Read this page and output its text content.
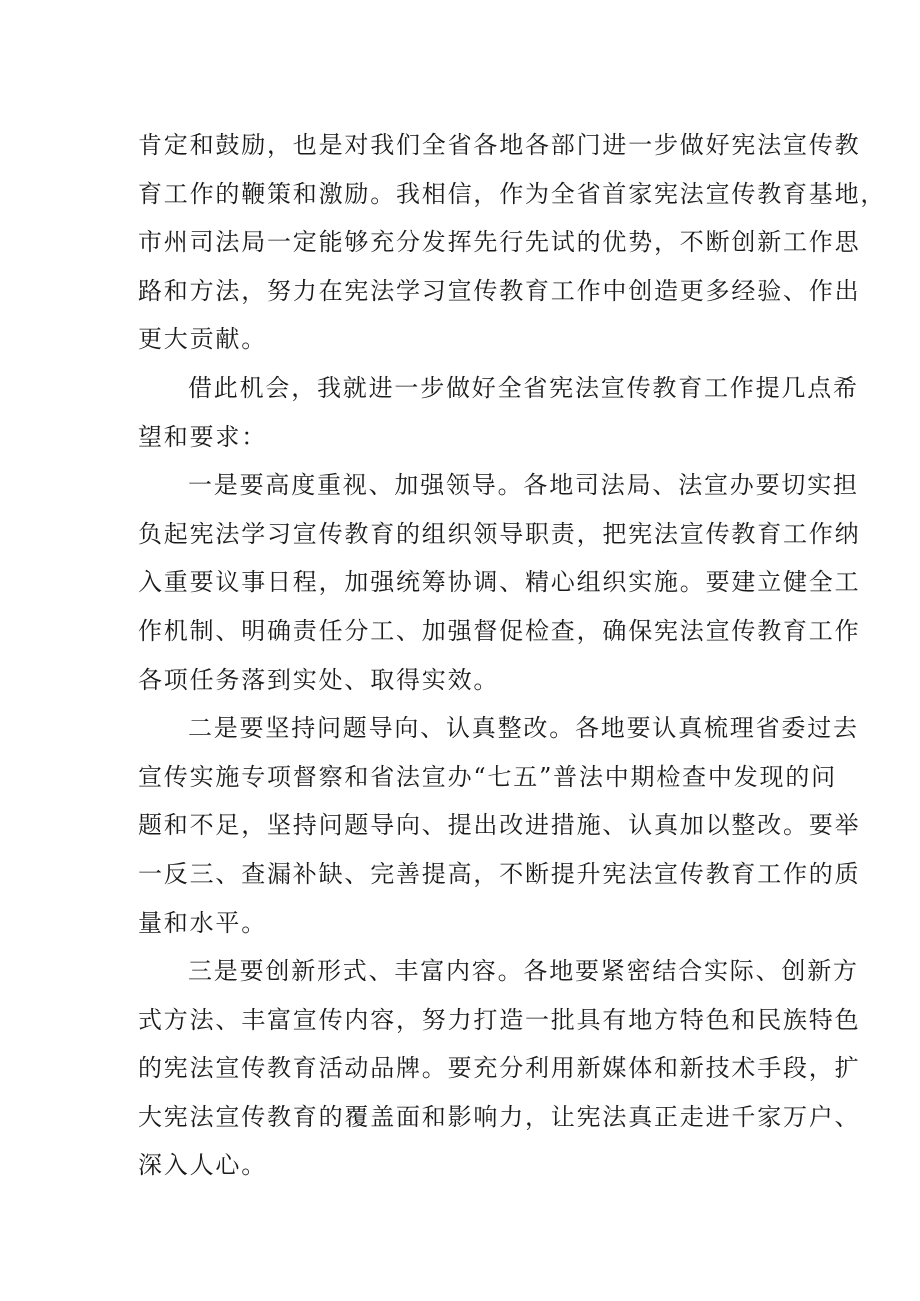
肯定和鼓励，也是对我们全省各地各部门进一步做好宪法宣传教
育工作的鞭策和激励。我相信，作为全省首家宪法宣传教育基地，
市州司法局一定能够充分发挥先行先试的优势，不断创新工作思
路和方法，努力在宪法学习宣传教育工作中创造更多经验、作出
更大贡献。
借此机会，我就进一步做好全省宪法宣传教育工作提几点希
望和要求：
一是要高度重视、加强领导。各地司法局、法宣办要切实担
负起宪法学习宣传教育的组织领导职责，把宪法宣传教育工作纳
入重要议事日程，加强统筹协调、精心组织实施。要建立健全工
作机制、明确责任分工、加强督促检查，确保宪法宣传教育工作
各项任务落到实处、取得实效。
二是要坚持问题导向、认真整改。各地要认真梳理省委过去
宣传实施专项督察和省法宣办“七五”普法中期检查中发现的问
题和不足，坚持问题导向、提出改进措施、认真加以整改。要举
一反三、查漏补缺、完善提高，不断提升宪法宣传教育工作的质
量和水平。
三是要创新形式、丰富内容。各地要紧密结合实际、创新方
式方法、丰富宣传内容，努力打造一批具有地方特色和民族特色
的宪法宣传教育活动品牌。要充分利用新媒体和新技术手段，扩
大宪法宣传教育的覆盖面和影响力，让宪法真正走进千家万户、
深入人心。
